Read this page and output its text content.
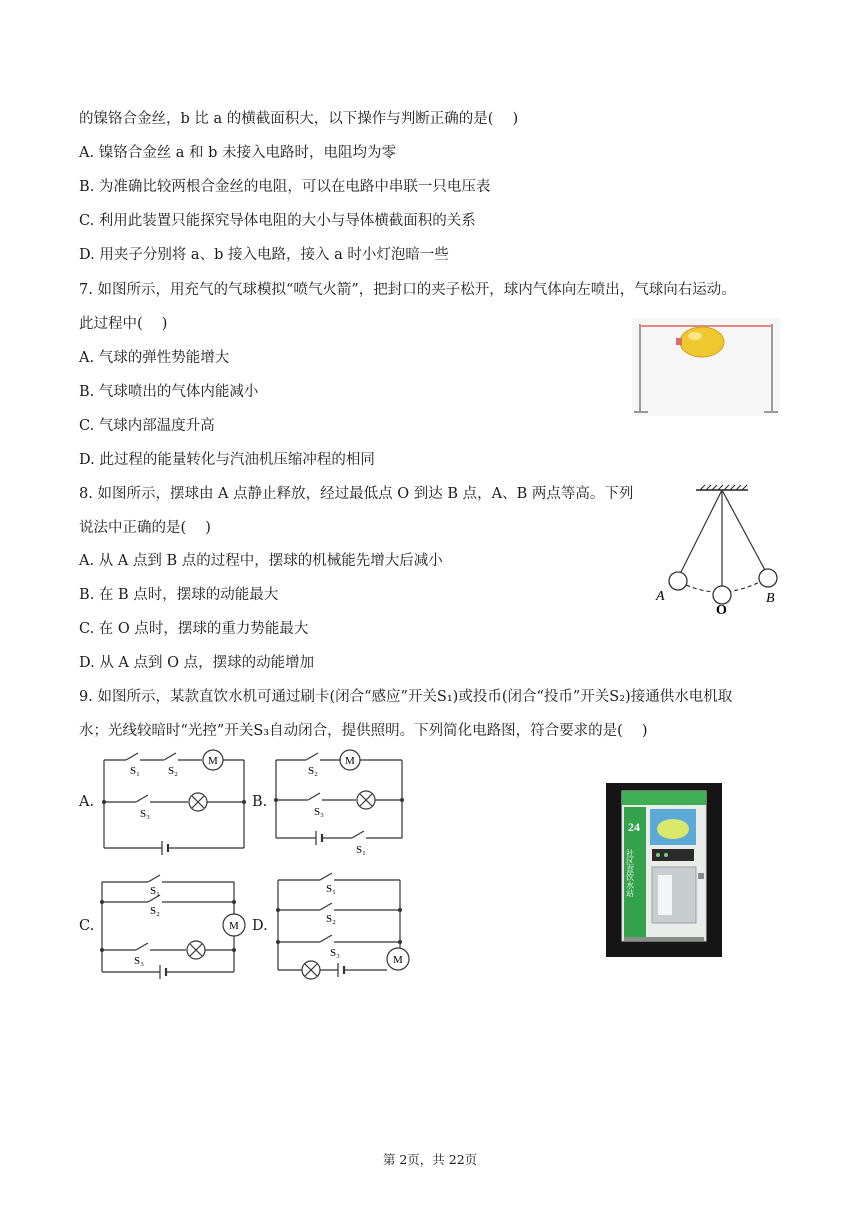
的镍铬合金丝，b 比 a 的横截面积大，以下操作与判断正确的是(　 )
A. 镍铬合金丝 a 和 b 未接入电路时，电阻均为零
B. 为准确比较两根合金丝的电阻，可以在电路中串联一只电压表
C. 利用此装置只能探究导体电阻的大小与导体横截面积的关系
D. 用夹子分别将 a、b 接入电路，接入 a 时小灯泡暗一些
7. 如图所示，用充气的气球模拟“喷气火箭”，把封口的夹子松开，球内气体向左喷出，气球向右运动。
此过程中(　 )
A. 气球的弹性势能增大
B. 气球喷出的气体内能减小
C. 气球内部温度升高
D. 此过程的能量转化与汽油机压缩冲程的相同
8. 如图所示，摆球由 A 点静止释放，经过最低点 O 到达 B 点，A、B 两点等高。下列
说法中正确的是(　 )
A. 从 A 点到 B 点的过程中，摆球的机械能先增大后减小
B. 在 B 点时，摆球的动能最大
C. 在 O 点时，摆球的重力势能最大
D. 从 A 点到 O 点，摆球的动能增加
9. 如图所示，某款直饮水机可通过刷卡(闭合“感应”开关S₁)或投币(闭合“投币”开关S₂)接通供水电机取
水；光线较暗时“光控”开关S₃自动闭合，提供照明。下列简化电路图，符合要求的是(　 )
A
O
B
A.
M
S₁	S₂
S₃
B.
M
S₂
S₃
S₁
C.	M
S₁
S₂
S₃
D.
M
S₁
S₂
S₃
24
社区直饮水站
第 2页，共 22页
